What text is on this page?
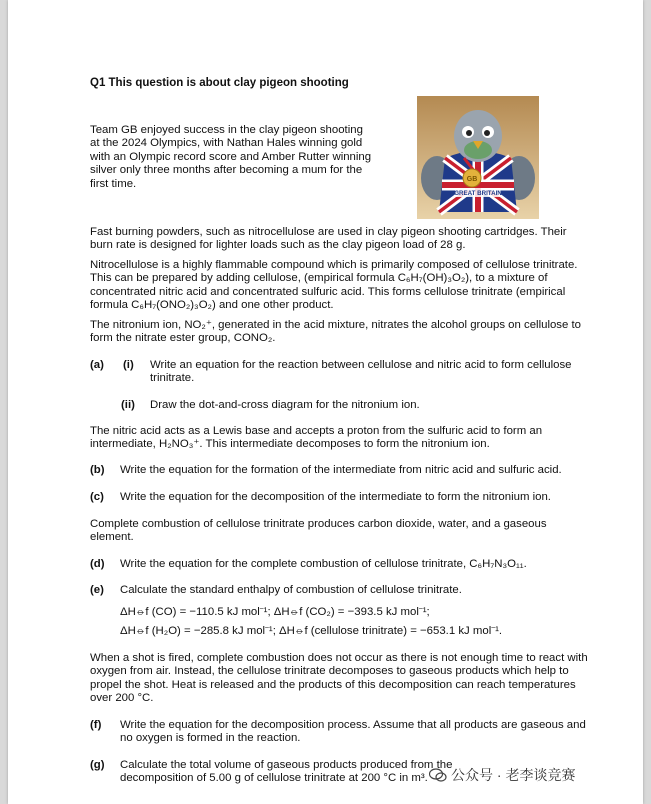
Q1 This question is about clay pigeon shooting

Team GB enjoyed success in the clay pigeon shooting at the 2024 Olympics, with Nathan Hales winning gold with an Olympic record score and Amber Rutter winning silver only three months after becoming a mum for the first time.	GB
GREAT BRITAIN

Fast burning powders, such as nitrocellulose are used in clay pigeon shooting cartridges. Their burn rate is designed for lighter loads such as the clay pigeon load of 28 g.

Nitrocellulose is a highly flammable compound which is primarily composed of cellulose trinitrate. This can be prepared by adding cellulose, (empirical formula C₆H₇(OH)₃O₂), to a mixture of concentrated nitric acid and concentrated sulfuric acid. This forms cellulose trinitrate (empirical formula C₆H₇(ONO₂)₃O₂) and one other product.

The nitronium ion, NO₂⁺, generated in the acid mixture, nitrates the alcohol groups on cellulose to form the nitrate ester group, CONO₂.

(a) (i) Write an equation for the reaction between cellulose and nitric acid to form cellulose trinitrate.

(ii) Draw the dot-and-cross diagram for the nitronium ion.

The nitric acid acts as a Lewis base and accepts a proton from the sulfuric acid to form an intermediate, H₂NO₃⁺. This intermediate decomposes to form the nitronium ion.

(b) Write the equation for the formation of the intermediate from nitric acid and sulfuric acid.

(c) Write the equation for the decomposition of the intermediate to form the nitronium ion.

Complete combustion of cellulose trinitrate produces carbon dioxide, water, and a gaseous element.

(d) Write the equation for the complete combustion of cellulose trinitrate, C₆H₇N₃O₁₁.

(e) Calculate the standard enthalpy of combustion of cellulose trinitrate.

ΔH⦵f (CO) = −110.5 kJ mol⁻¹; ΔH⦵f (CO₂) = −393.5 kJ mol⁻¹;

ΔH⦵f (H₂O) = −285.8 kJ mol⁻¹; ΔH⦵f (cellulose trinitrate) = −653.1 kJ mol⁻¹.

When a shot is fired, complete combustion does not occur as there is not enough time to react with oxygen from air. Instead, the cellulose trinitrate decomposes to gaseous products which help to propel the shot. Heat is released and the products of this decomposition can reach temperatures over 200 °C.

(f) Write the equation for the decomposition process. Assume that all products are gaseous and no oxygen is formed in the reaction.

(g) Calculate the total volume of gaseous products produced from the decomposition of 5.00 g of cellulose trinitrate at 200 °C in m³.	公众号 · 老李谈竞赛
